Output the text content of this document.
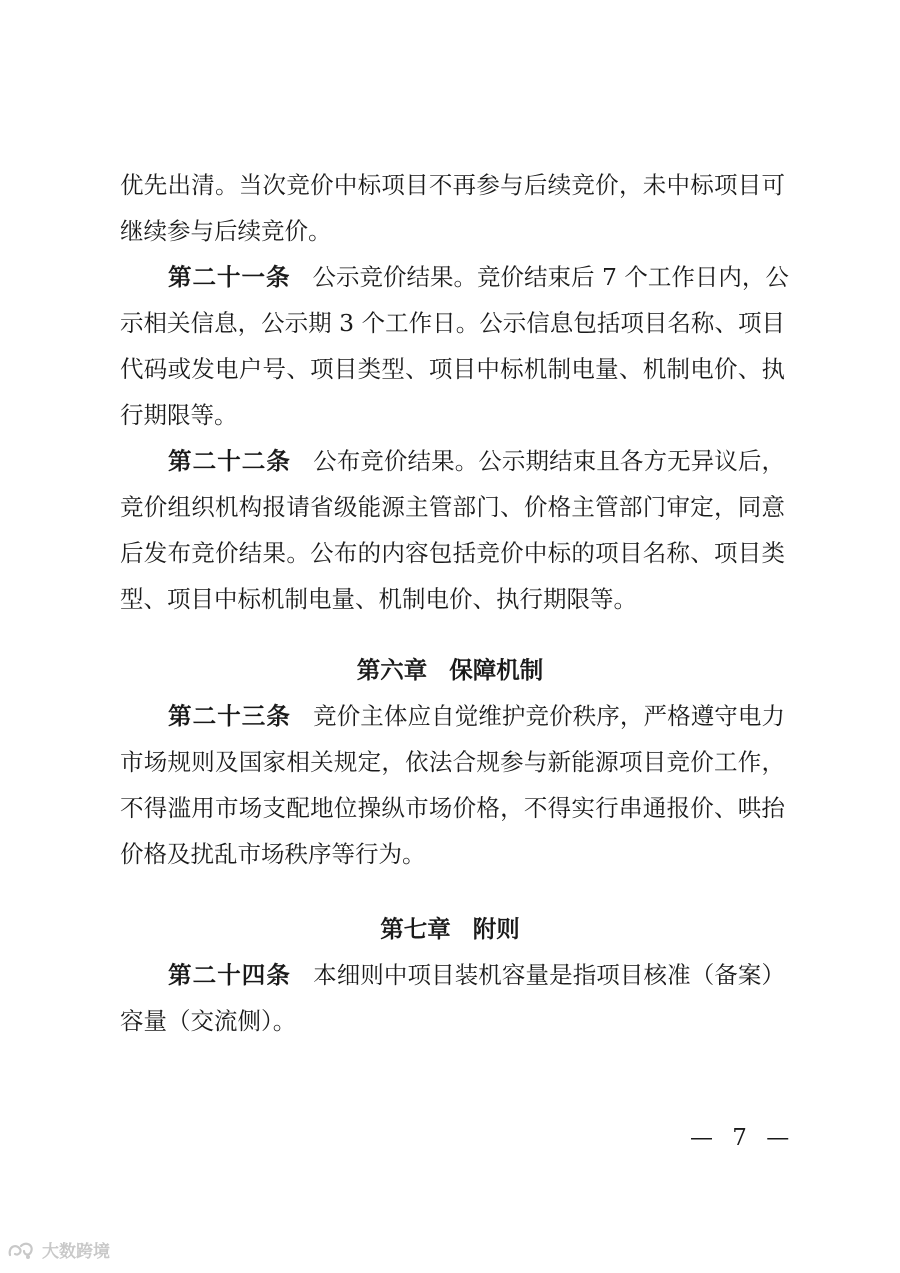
优先出清。当次竞价中标项目不再参与后续竞价，未中标项目可
继续参与后续竞价。
第二十一条 公示竞价结果。竞价结束后 7 个工作日内，公
示相关信息，公示期 3 个工作日。公示信息包括项目名称、项目
代码或发电户号、项目类型、项目中标机制电量、机制电价、执
行期限等。
第二十二条 公布竞价结果。公示期结束且各方无异议后，
竞价组织机构报请省级能源主管部门、价格主管部门审定，同意
后发布竞价结果。公布的内容包括竞价中标的项目名称、项目类
型、项目中标机制电量、机制电价、执行期限等。
第六章 保障机制
第二十三条 竞价主体应自觉维护竞价秩序，严格遵守电力
市场规则及国家相关规定，依法合规参与新能源项目竞价工作，
不得滥用市场支配地位操纵市场价格，不得实行串通报价、哄抬
价格及扰乱市场秩序等行为。
第七章 附则
第二十四条 本细则中项目装机容量是指项目核准（备案）
容量（交流侧）。
— 7 —
大数跨境
